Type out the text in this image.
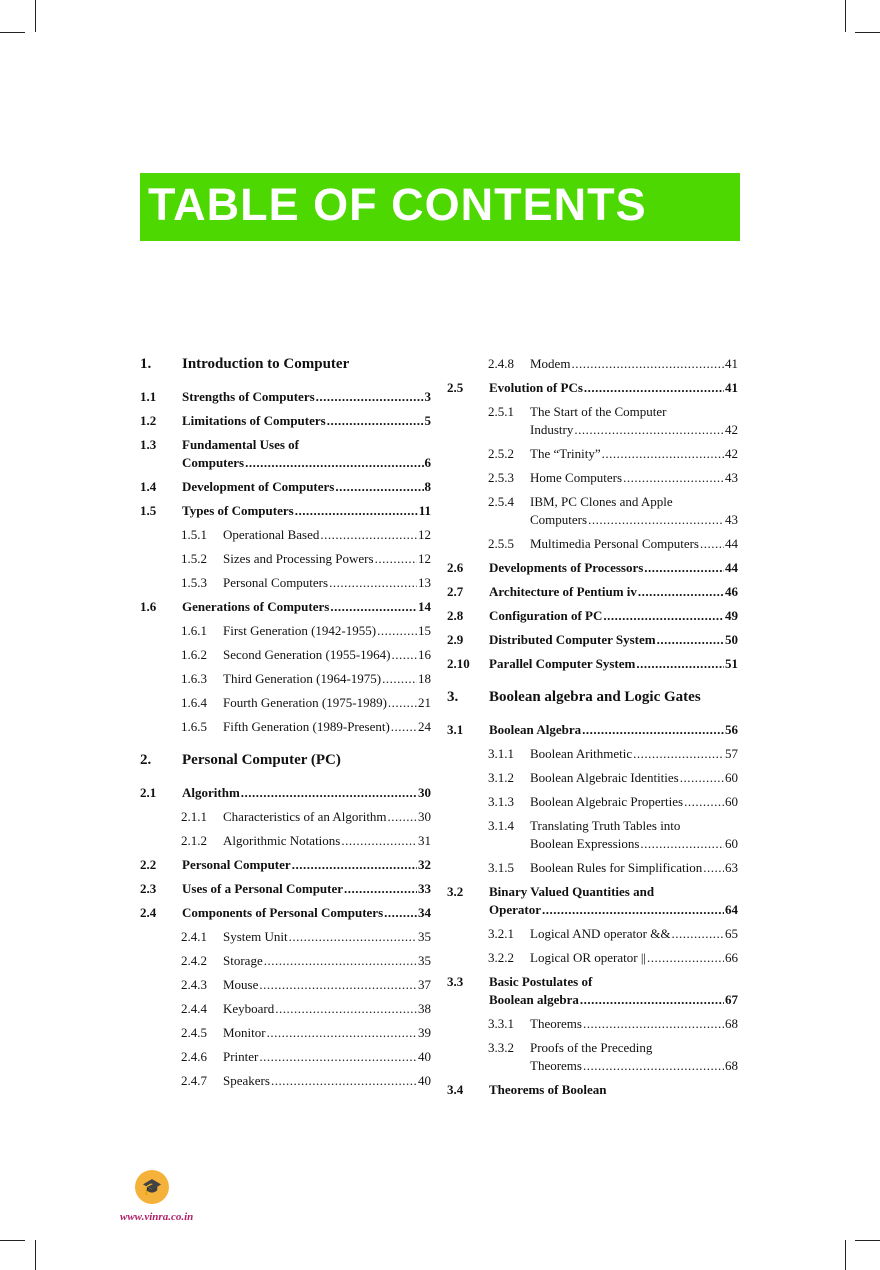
TABLE OF CONTENTS
1. Introduction to Computer
1.1 Strengths of Computers .....	3
1.2 Limitations of Computers .....	5
1.3 Fundamental Uses of
Computers .....	6
1.4 Development of Computers .....	8
1.5 Types of Computers .....	11
1.5.1 Operational Based .....	12
1.5.2 Sizes and Processing Powers .....	12
1.5.3 Personal Computers .....	13
1.6 Generations of Computers .....	14
1.6.1 First Generation (1942-1955) .....	15
1.6.2 Second Generation (1955-1964) ..... 16
1.6.3 Third Generation (1964-1975) .....	18
1.6.4 Fourth Generation (1975-1989) ..... 21
1.6.5 Fifth Generation (1989-Present) ..... 24
2. Personal Computer (PC)
2.1 Algorithm .....	30
2.1.1 Characteristics of an Algorithm ..... 30
2.1.2 Algorithmic Notations .....	31
2.2 Personal Computer .....	32
2.3 Uses of a Personal Computer .....	33
2.4 Components of Personal Computers .....	34
2.4.1 System Unit .....	35
2.4.2 Storage .....	35
2.4.3 Mouse .....	37
2.4.4 Keyboard .....	38
2.4.5 Monitor .....	39
2.4.6 Printer .....	40
2.4.7 Speakers .....	40
2.4.8 Modem .....	41
2.5 Evolution of PCs .....	41
2.5.1 The Start of the Computer
Industry .....	42
2.5.2 The “Trinity” .....	42
2.5.3 Home Computers .....	43
2.5.4 IBM, PC Clones and Apple
Computers .....	43
2.5.5 Multimedia Personal Computers ..... 44
2.6 Developments of Processors .....	44
2.7 Architecture of Pentium iv .....	46
2.8 Configuration of PC .....	49
2.9 Distributed Computer System .....	50
2.10 Parallel Computer System .....	51
3. Boolean algebra and Logic Gates
3.1 Boolean Algebra .....	56
3.1.1 Boolean Arithmetic .....	57
3.1.2 Boolean Algebraic Identities .....	60
3.1.3 Boolean Algebraic Properties .....	60
3.1.4 Translating Truth Tables into
Boolean Expressions .....	60
3.1.5 Boolean Rules for Simplification ..... 63
3.2 Binary Valued Quantities and
Operator .....	64
3.2.1 Logical AND operator && .....	65
3.2.2 Logical OR operator || .....	66
3.3 Basic Postulates of
Boolean algebra .....	67
3.3.1 Theorems .....	68
3.3.2 Proofs of the Preceding
Theorems .....	68
3.4 Theorems of Boolean
🎓
www.vinra.co.in
